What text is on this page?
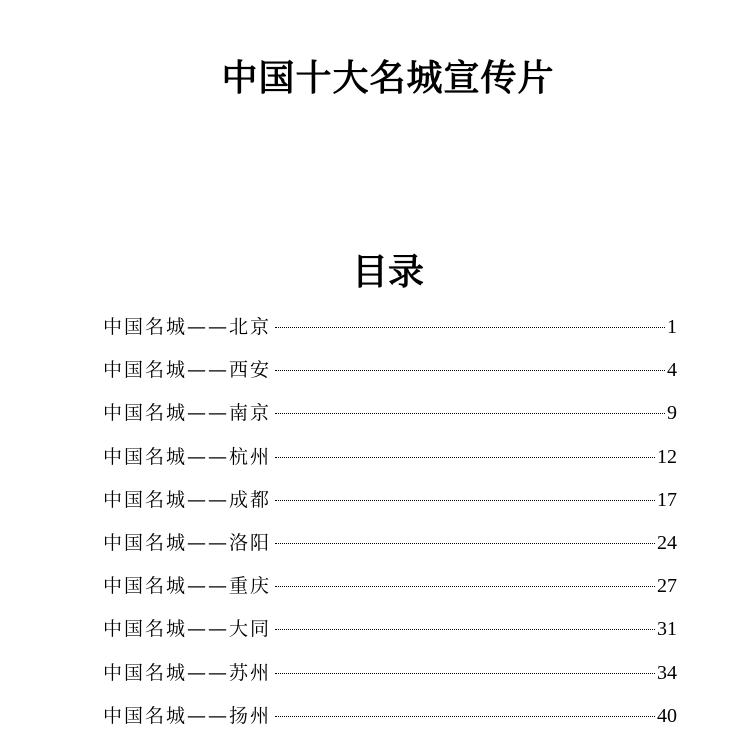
中国十大名城宣传片
目录
中国名城——北京	1
中国名城——西安	4
中国名城——南京	9
中国名城——杭州	12
中国名城——成都	17
中国名城——洛阳	24
中国名城——重庆	27
中国名城——大同	31
中国名城——苏州	34
中国名城——扬州	40
